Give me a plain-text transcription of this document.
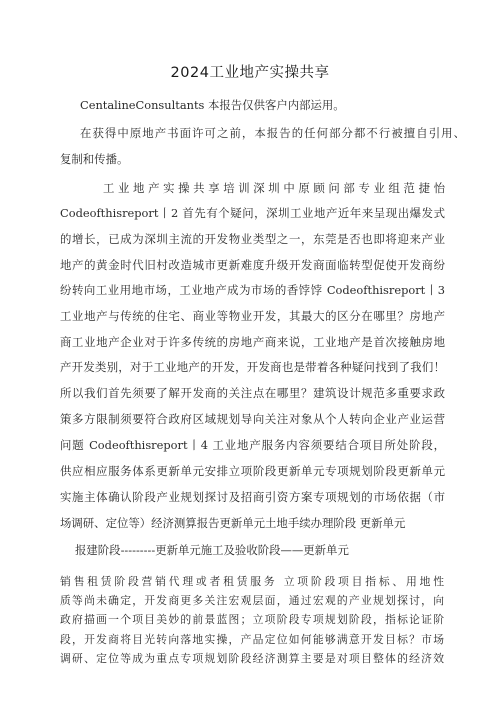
2024工业地产实操共享
CentalineConsultants 本报告仅供客户内部运用。
在获得中原地产书面许可之前，本报告的任何部分都不行被擅自引用、
复制和传播。
工业地产实操共享培训深圳中原顾问部专业组范捷怡
Codeofthisreport丨2 首先有个疑问，深圳工业地产近年来呈现出爆发式
的增长，已成为深圳主流的开发物业类型之一，东莞是否也即将迎来产业
地产的黄金时代旧村改造城市更新难度升级开发商面临转型促使开发商纷
纷转向工业用地市场，工业地产成为市场的香饽饽 Codeofthisreport丨3
工业地产与传统的住宅、商业等物业开发，其最大的区分在哪里？房地产
商工业地产企业对于许多传统的房地产商来说，工业地产是首次接触房地
产开发类别，对于工业地产的开发，开发商也是带着各种疑问找到了我们！
所以我们首先须要了解开发商的关注点在哪里？建筑设计规范多重要求政
策多方限制须要符合政府区域规划导向关注对象从个人转向企业产业运营
问题 Codeofthisreport丨4 工业地产服务内容须要结合项目所处阶段，
供应相应服务体系更新单元安排立项阶段更新单元专项规划阶段更新单元
实施主体确认阶段产业规划探讨及招商引资方案专项规划的市场依据（市
场调研、定位等）经济测算报告更新单元土地手续办理阶段 更新单元
报建阶段---------更新单元施工及验收阶段——更新单元
销售租赁阶段营销代理或者租赁服务 立项阶段项目指标、用地性
质等尚未确定，开发商更多关注宏观层面，通过宏观的产业规划探讨，向
政府描画一个项目美妙的前景蓝图；立项阶段专项规划阶段，指标论证阶
段，开发商将目光转向落地实操，产品定位如何能够满意开发目标？市场
调研、定位等成为重点专项规划阶段经济测算主要是对项目整体的经济效
